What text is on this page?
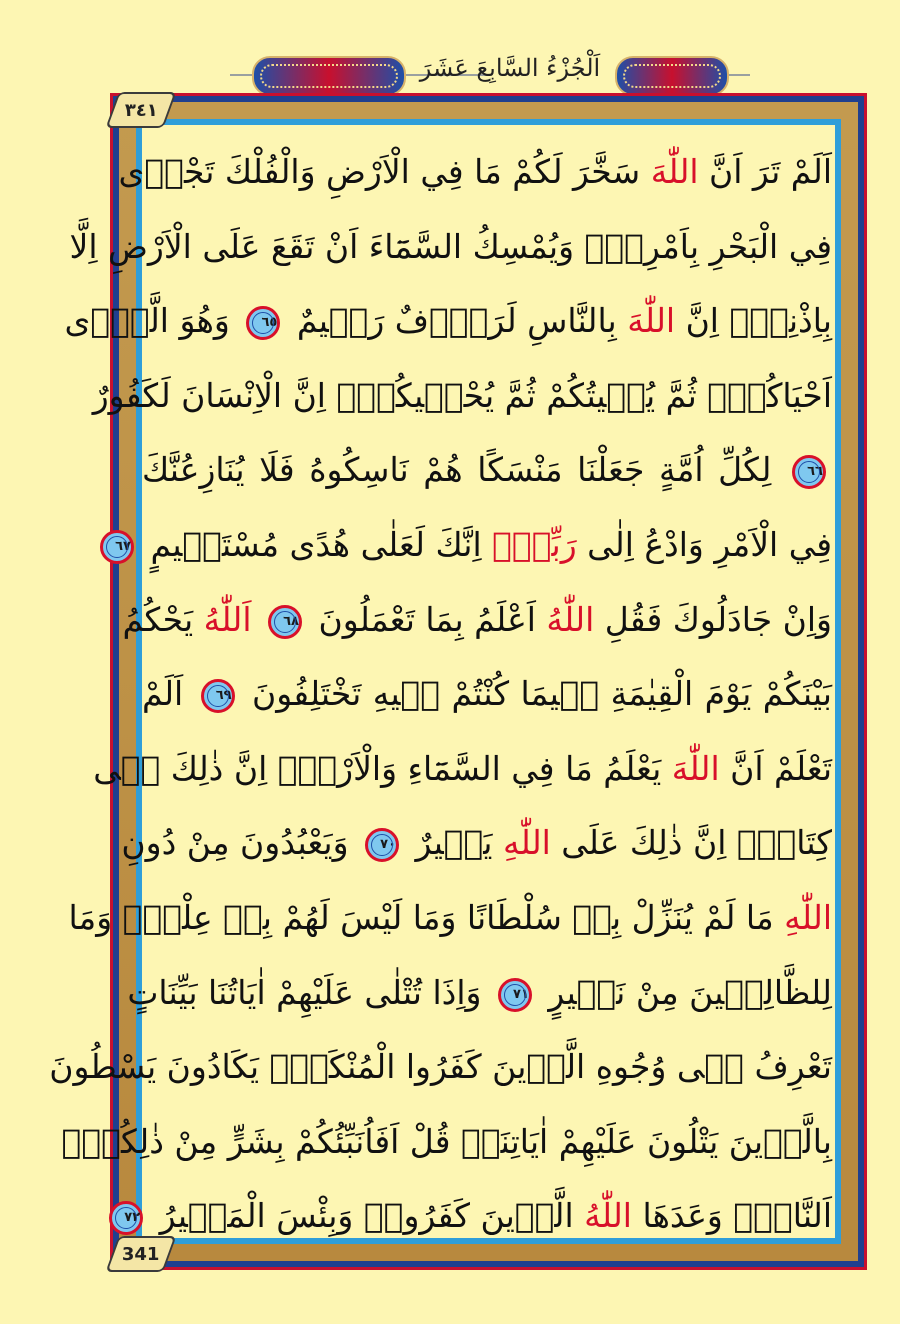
اَلْجُزْءُ السَّابِعَ عَشَرَ
٣٤١
341
اَلَمْ تَرَ اَنَّ اللّٰهَ سَخَّرَ لَكُمْ مَا فِي الْاَرْضِ وَالْفُلْكَ تَجْرٖى
فِي الْبَحْرِ بِاَمْرِهٖۜ وَيُمْسِكُ السَّمَٓاءَ اَنْ تَقَعَ عَلَى الْاَرْضِ اِلَّا
بِاِذْنِهٖۜ اِنَّ اللّٰهَ بِالنَّاسِ لَرَؤُ۫فٌ رَحٖيمٌ ٦٥ وَهُوَ الَّذٖٓى
اَحْيَاكُمْۘ ثُمَّ يُمٖيتُكُمْ ثُمَّ يُحْيٖيكُمْۜ اِنَّ الْاِنْسَانَ لَكَفُورٌ
٦٦ لِكُلِّ اُمَّةٍ جَعَلْنَا مَنْسَكًا هُمْ نَاسِكُوهُ فَلَا يُنَازِعُنَّكَ
فِي الْاَمْرِ وَادْعُ اِلٰى رَبِّكَۜ اِنَّكَ لَعَلٰى هُدًى مُسْتَقٖيمٍ ٦٧
وَاِنْ جَادَلُوكَ فَقُلِ اللّٰهُ اَعْلَمُ بِمَا تَعْمَلُونَ ٦٨ اَللّٰهُ يَحْكُمُ
بَيْنَكُمْ يَوْمَ الْقِيٰمَةِ فٖيمَا كُنْتُمْ فٖيهِ تَخْتَلِفُونَ ٦٩ اَلَمْ
تَعْلَمْ اَنَّ اللّٰهَ يَعْلَمُ مَا فِي السَّمَٓاءِ وَالْاَرْضِۜ اِنَّ ذٰلِكَ فٖى
كِتَابٍۜ اِنَّ ذٰلِكَ عَلَى اللّٰهِ يَسٖيرٌ ٧٠ وَيَعْبُدُونَ مِنْ دُونِ
اللّٰهِ مَا لَمْ يُنَزِّلْ بِهٖ سُلْطَانًا وَمَا لَيْسَ لَهُمْ بِهٖ عِلْمٌۜ وَمَا
لِلظَّالِمٖينَ مِنْ نَصٖيرٍ ٧١ وَاِذَا تُتْلٰى عَلَيْهِمْ اٰيَاتُنَا بَيِّنَاتٍ
تَعْرِفُ فٖى وُجُوهِ الَّذٖينَ كَفَرُوا الْمُنْكَرَۜ يَكَادُونَ يَسْطُونَ
بِالَّذٖينَ يَتْلُونَ عَلَيْهِمْ اٰيَاتِنَاۜ قُلْ اَفَاُنَبِّئُكُمْ بِشَرٍّ مِنْ ذٰلِكُمْۜ
اَلنَّارُۜ وَعَدَهَا اللّٰهُ الَّذٖينَ كَفَرُواۜ وَبِئْسَ الْمَصٖيرُ ٧٢
